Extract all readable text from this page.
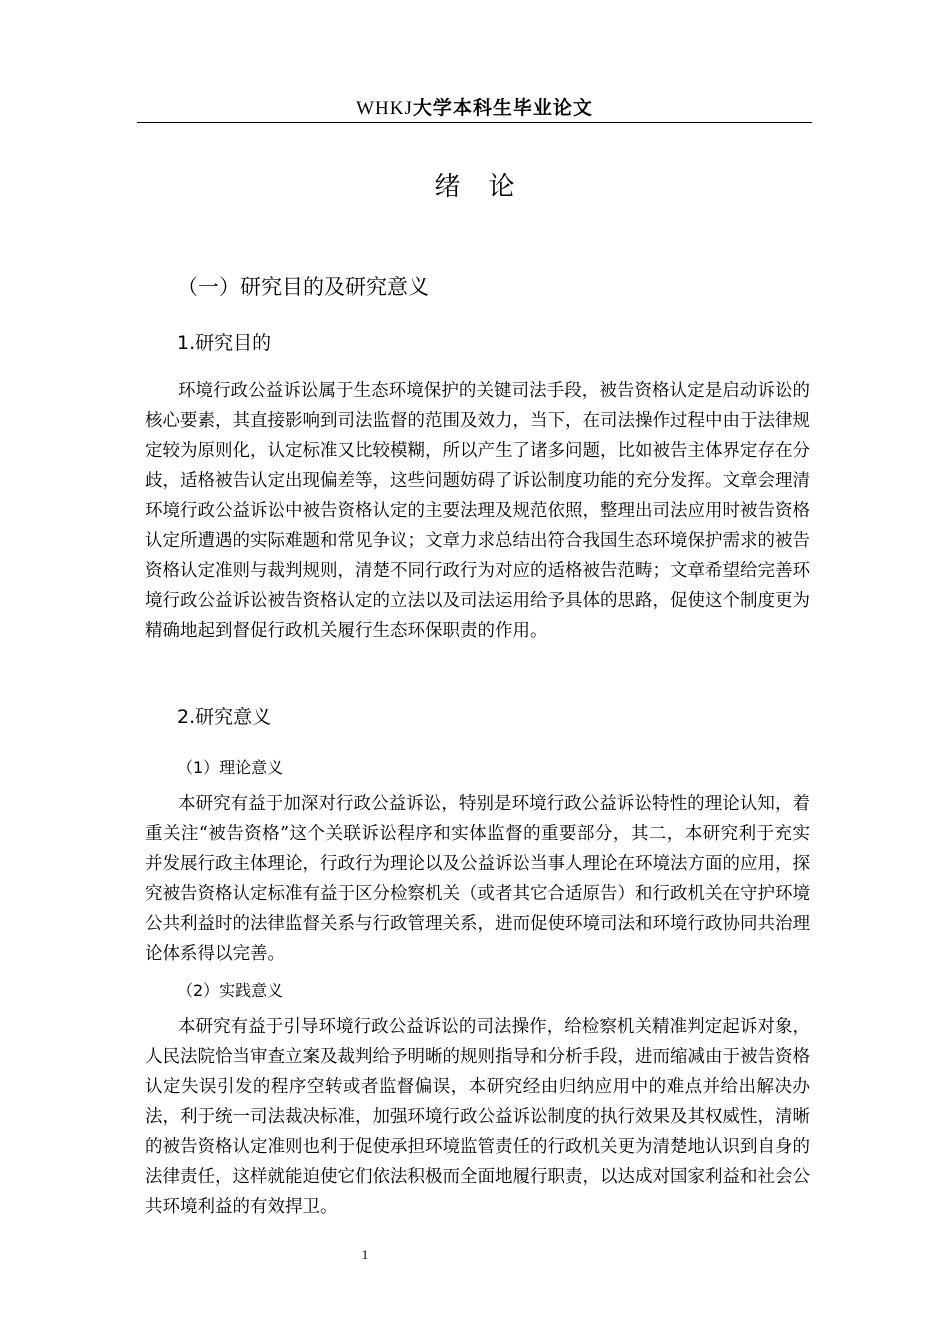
WHKJ大学本科生毕业论文
绪论
（一）研究目的及研究意义
1.研究目的

环境行政公益诉讼属于生态环境保护的关键司法手段，被告资格认定是启动诉讼的核心要素，其直接影响到司法监督的范围及效力，当下，在司法操作过程中由于法律规定较为原则化，认定标准又比较模糊，所以产生了诸多问题，比如被告主体界定存在分歧，适格被告认定出现偏差等，这些问题妨碍了诉讼制度功能的充分发挥。文章会理清环境行政公益诉讼中被告资格认定的主要法理及规范依照，整理出司法应用时被告资格认定所遭遇的实际难题和常见争议；文章力求总结出符合我国生态环境保护需求的被告资格认定准则与裁判规则，清楚不同行政行为对应的适格被告范畴；文章希望给完善环境行政公益诉讼被告资格认定的立法以及司法运用给予具体的思路，促使这个制度更为精确地起到督促行政机关履行生态环保职责的作用。

2.研究意义
（1）理论意义

本研究有益于加深对行政公益诉讼，特别是环境行政公益诉讼特性的理论认知，着重关注“被告资格”这个关联诉讼程序和实体监督的重要部分，其二，本研究利于充实并发展行政主体理论，行政行为理论以及公益诉讼当事人理论在环境法方面的应用，探究被告资格认定标准有益于区分检察机关（或者其它合适原告）和行政机关在守护环境公共利益时的法律监督关系与行政管理关系，进而促使环境司法和环境行政协同共治理论体系得以完善。

（2）实践意义

本研究有益于引导环境行政公益诉讼的司法操作，给检察机关精准判定起诉对象，人民法院恰当审查立案及裁判给予明晰的规则指导和分析手段，进而缩减由于被告资格认定失误引发的程序空转或者监督偏误，本研究经由归纳应用中的难点并给出解决办法，利于统一司法裁决标准，加强环境行政公益诉讼制度的执行效果及其权威性，清晰的被告资格认定准则也利于促使承担环境监管责任的行政机关更为清楚地认识到自身的法律责任，这样就能迫使它们依法积极而全面地履行职责，以达成对国家利益和社会公共环境利益的有效捍卫。

1
